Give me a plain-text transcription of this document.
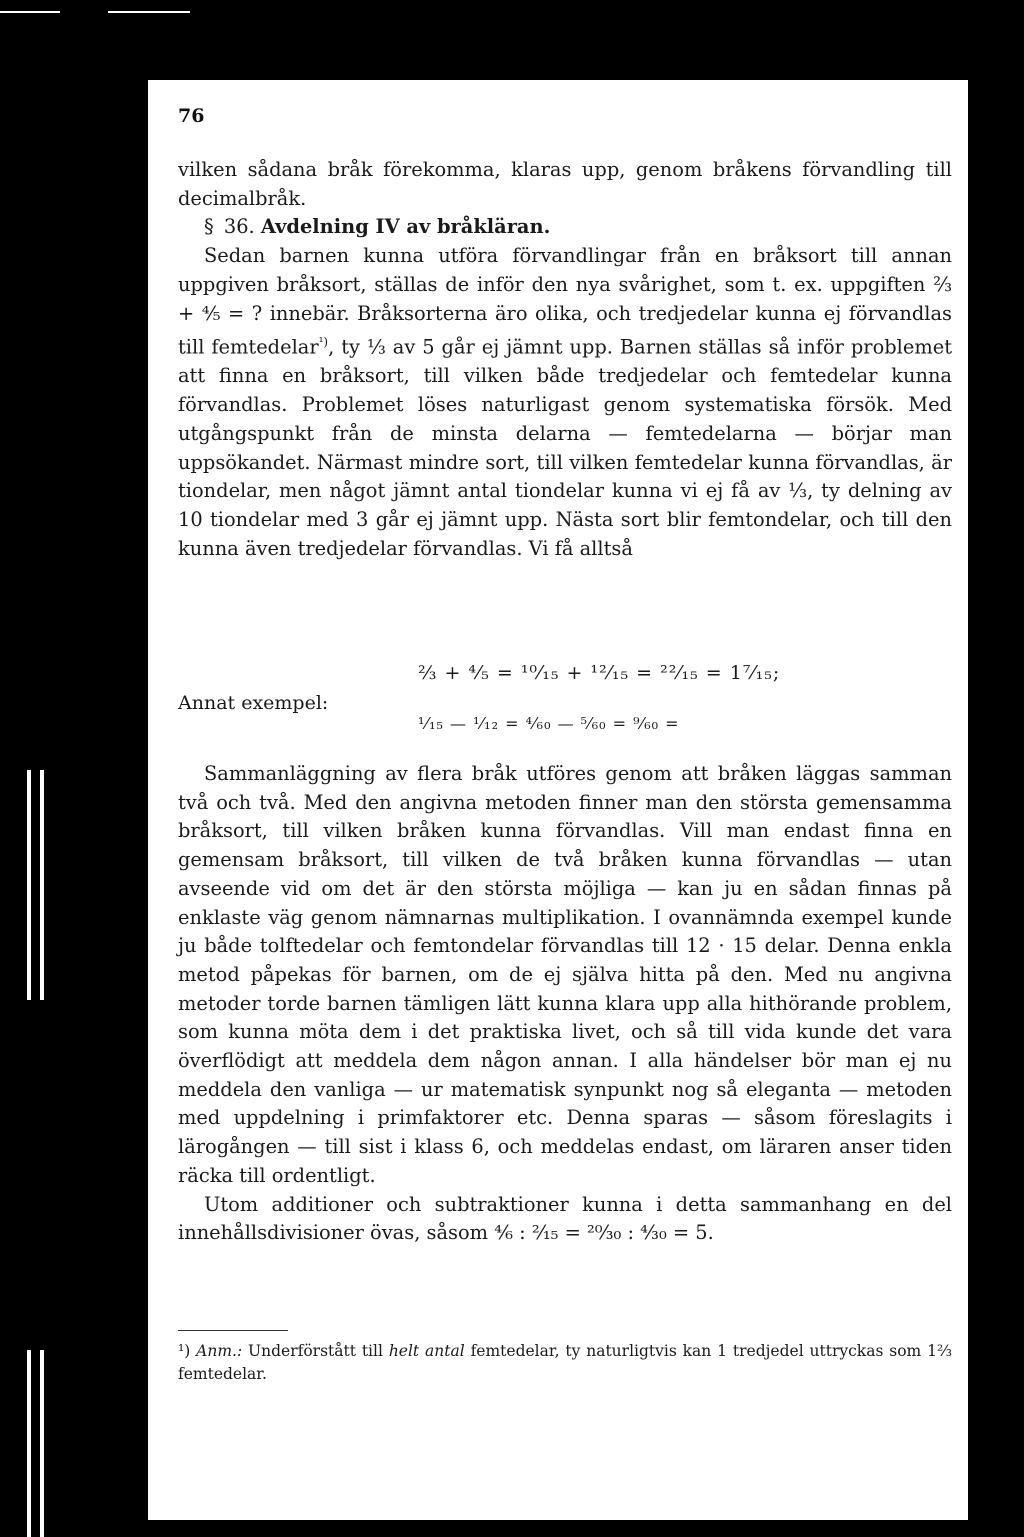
76

vilken sådana bråk förekomma, klaras upp, genom bråkens förvandling till decimalbråk.

§ 36. Avdelning IV av bråkläran.

Sedan barnen kunna utföra förvandlingar från en bråksort till annan uppgiven bråksort, ställas de inför den nya svårighet, som t. ex. uppgiften ⅔ + ⁴⁄₅ = ? innebär. Bråksorterna äro olika, och tredjedelar kunna ej förvandlas till femtedelar$^{^1)}$, ty ⅓ av 5 går ej jämnt upp. Barnen ställas så inför problemet att finna en bråksort, till vilken både tredjedelar och femtedelar kunna förvandlas. Problemet löses naturligast genom systematiska försök. Med utgångspunkt från de minsta delarna — femtedelarna — börjar man uppsökandet. Närmast mindre sort, till vilken femtedelar kunna förvandlas, är tiondelar, men något jämnt antal tiondelar kunna vi ej få av ⅓, ty delning av 10 tiondelar med 3 går ej jämnt upp. Nästa sort blir femtondelar, och till den kunna även tredjedelar förvandlas. Vi få alltså

⅔ + ⁴⁄₅ = ¹⁰⁄₁₅ + ¹²⁄₁₅ = ²²⁄₁₅ = 1⁷⁄₁₅;
Annat exempel:
¹⁄₁₅ — ¹⁄₁₂ = ⁴⁄₆₀ — ⁵⁄₆₀ = ⁹⁄₆₀ =

Sammanläggning av flera bråk utföres genom att bråken läggas samman två och två. Med den angivna metoden finner man den största gemensamma bråksort, till vilken bråken kunna förvandlas. Vill man endast finna en gemensam bråksort, till vilken de två bråken kunna förvandlas — utan avseende vid om det är den största möjliga — kan ju en sådan finnas på enklaste väg genom nämnarnas multiplikation. I ovannämnda exempel kunde ju både tolftedelar och femtondelar förvandlas till 12 · 15 delar. Denna enkla metod påpekas för barnen, om de ej själva hitta på den. Med nu angivna metoder torde barnen tämligen lätt kunna klara upp alla hithörande problem, som kunna möta dem i det praktiska livet, och så till vida kunde det vara överflödigt att meddela dem någon annan. I alla händelser bör man ej nu meddela den vanliga — ur matematisk synpunkt nog så eleganta — metoden med uppdelning i primfaktorer etc. Denna sparas — såsom föreslagits i lärogången — till sist i klass 6, och meddelas endast, om läraren anser tiden räcka till ordentligt.

Utom additioner och subtraktioner kunna i detta sammanhang en del innehållsdivisioner övas, såsom ⁴⁄₆ : ²⁄₁₅ = ²⁰⁄₃₀ : ⁴⁄₃₀ = 5.

¹) Anm.: Underförstått till helt antal femtedelar, ty naturligtvis kan 1 tredjedel uttryckas som 1⅔ femtedelar.
